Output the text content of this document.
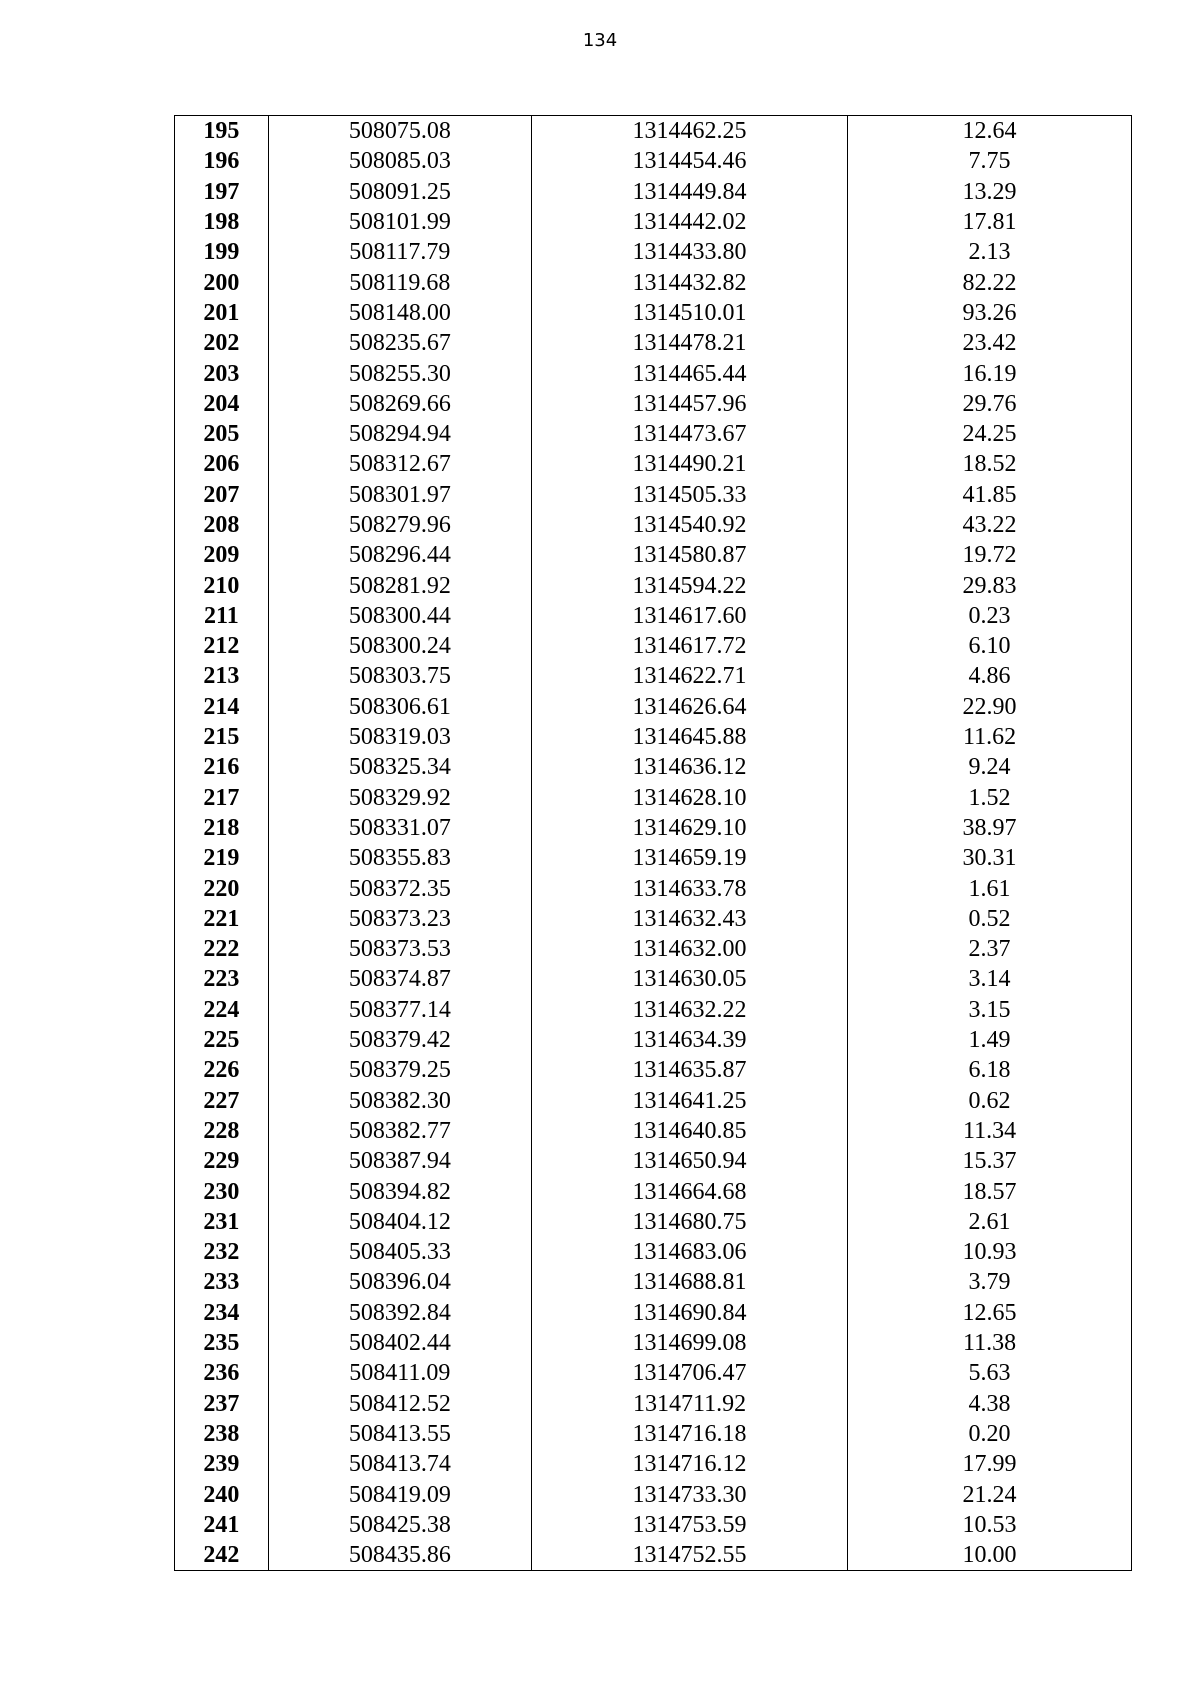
134
195	508075.08	1314462.25	12.64
196	508085.03	1314454.46	7.75
197	508091.25	1314449.84	13.29
198	508101.99	1314442.02	17.81
199	508117.79	1314433.80	2.13
200	508119.68	1314432.82	82.22
201	508148.00	1314510.01	93.26
202	508235.67	1314478.21	23.42
203	508255.30	1314465.44	16.19
204	508269.66	1314457.96	29.76
205	508294.94	1314473.67	24.25
206	508312.67	1314490.21	18.52
207	508301.97	1314505.33	41.85
208	508279.96	1314540.92	43.22
209	508296.44	1314580.87	19.72
210	508281.92	1314594.22	29.83
211	508300.44	1314617.60	0.23
212	508300.24	1314617.72	6.10
213	508303.75	1314622.71	4.86
214	508306.61	1314626.64	22.90
215	508319.03	1314645.88	11.62
216	508325.34	1314636.12	9.24
217	508329.92	1314628.10	1.52
218	508331.07	1314629.10	38.97
219	508355.83	1314659.19	30.31
220	508372.35	1314633.78	1.61
221	508373.23	1314632.43	0.52
222	508373.53	1314632.00	2.37
223	508374.87	1314630.05	3.14
224	508377.14	1314632.22	3.15
225	508379.42	1314634.39	1.49
226	508379.25	1314635.87	6.18
227	508382.30	1314641.25	0.62
228	508382.77	1314640.85	11.34
229	508387.94	1314650.94	15.37
230	508394.82	1314664.68	18.57
231	508404.12	1314680.75	2.61
232	508405.33	1314683.06	10.93
233	508396.04	1314688.81	3.79
234	508392.84	1314690.84	12.65
235	508402.44	1314699.08	11.38
236	508411.09	1314706.47	5.63
237	508412.52	1314711.92	4.38
238	508413.55	1314716.18	0.20
239	508413.74	1314716.12	17.99
240	508419.09	1314733.30	21.24
241	508425.38	1314753.59	10.53
242	508435.86	1314752.55	10.00
